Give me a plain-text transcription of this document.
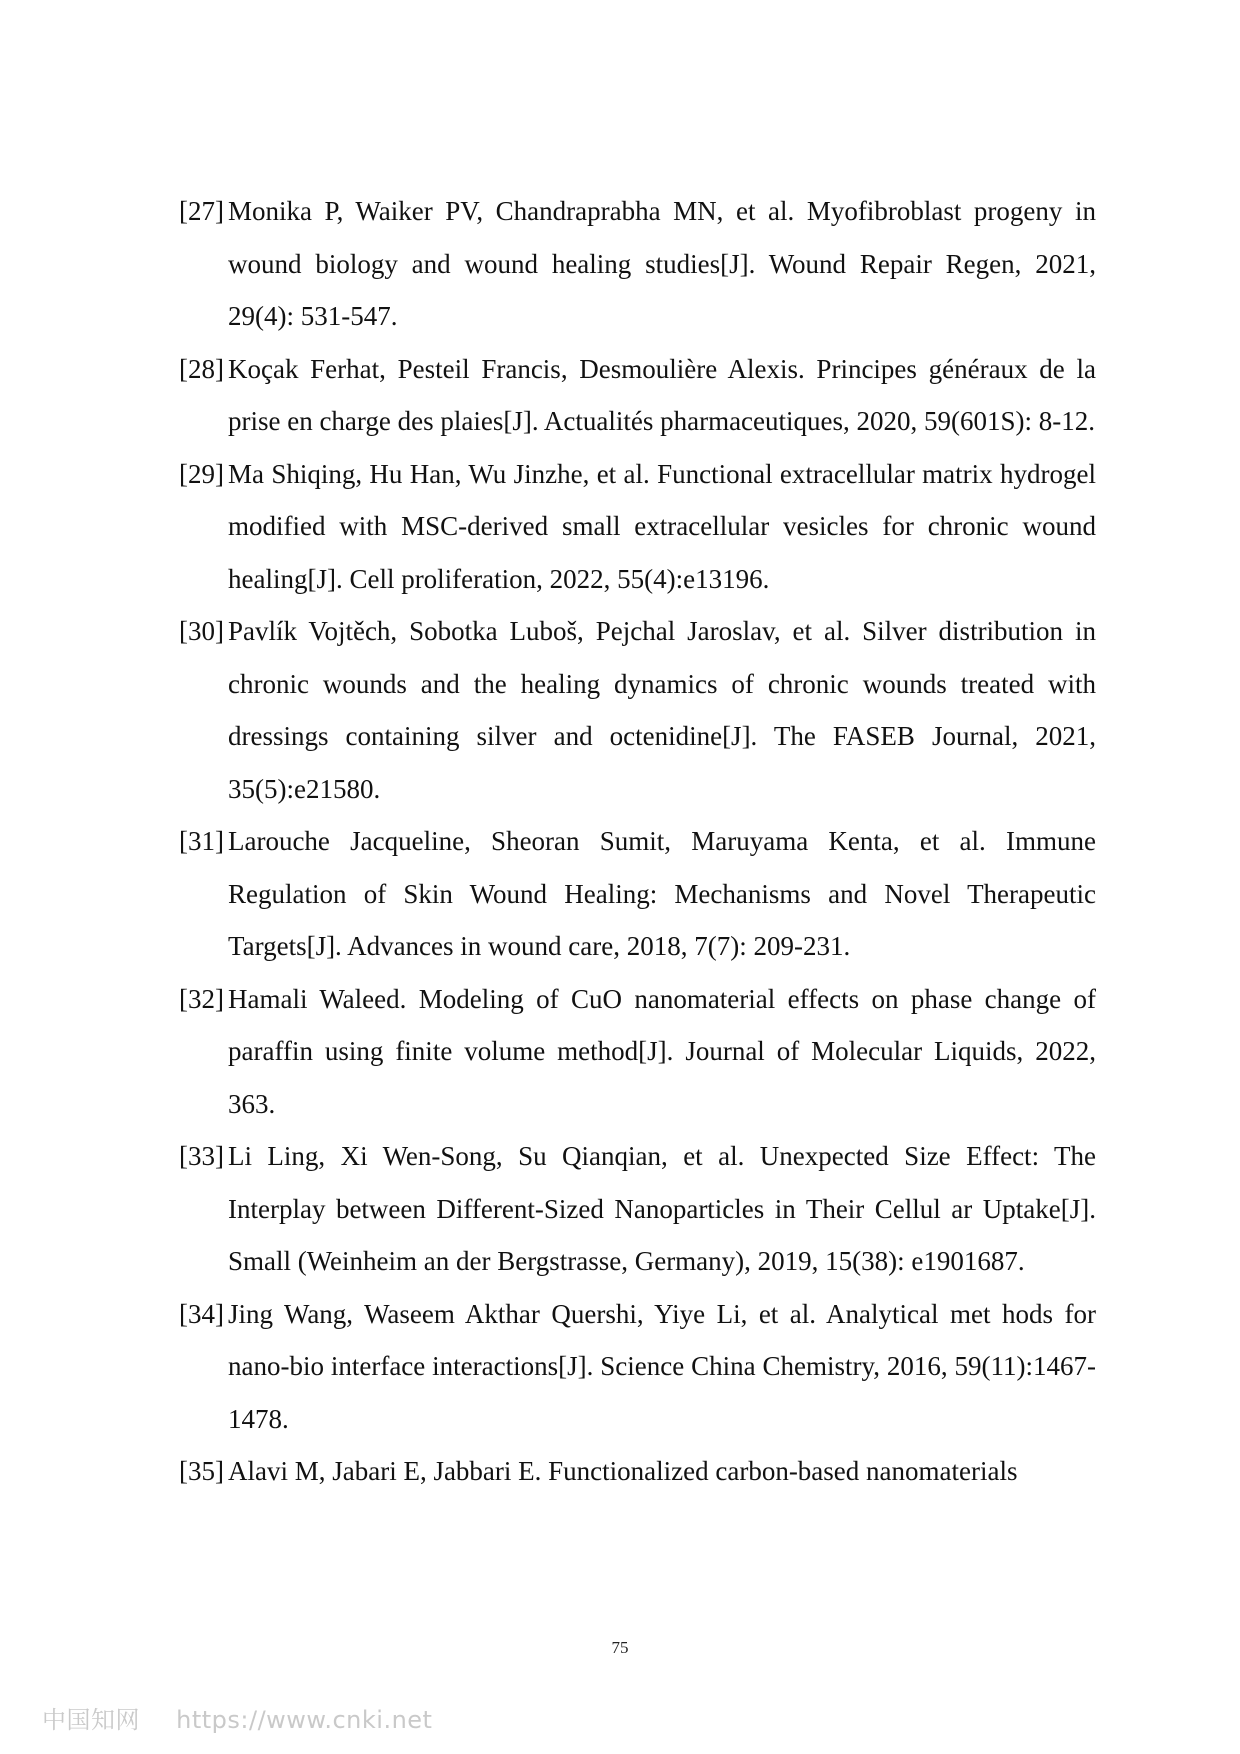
[27] Monika P, Waiker PV, Chandraprabha MN, et al. Myofibroblast progeny in wound biology and wound healing studies[J]. Wound Repair Regen, 2021, 29(4): 531-547.
[28] Koçak Ferhat, Pesteil Francis, Desmoulière Alexis. Principes généraux de la prise en charge des plaies[J]. Actualités pharmaceutiques, 2020, 59(601S): 8-12.
[29] Ma Shiqing, Hu Han, Wu Jinzhe, et al. Functional extracellular matrix hydrogel modified with MSC-derived small extracellular vesicles for chronic wound healing[J]. Cell proliferation, 2022, 55(4):e13196.
[30] Pavlík Vojtěch, Sobotka Luboš, Pejchal Jaroslav, et al. Silver distribution in chronic wounds and the healing dynamics of chronic wounds treated with dressings containing silver and octenidine[J]. The FASEB Journal, 2021, 35(5):e21580.
[31] Larouche Jacqueline, Sheoran Sumit, Maruyama Kenta, et al. Immune Regulation of Skin Wound Healing: Mechanisms and Novel Therapeutic Targets[J]. Advances in wound care, 2018, 7(7): 209-231.
[32] Hamali Waleed. Modeling of CuO nanomaterial effects on phase change of paraffin using finite volume method[J]. Journal of Molecular Liquids, 2022, 363.
[33] Li Ling, Xi Wen-Song, Su Qianqian, et al. Unexpected Size Effect: The Interplay between Different-Sized Nanoparticles in Their Cellul ar Uptake[J]. Small (Weinheim an der Bergstrasse, Germany), 2019, 15(38): e1901687.
[34] Jing Wang, Waseem Akthar Quershi, Yiye Li, et al. Analytical met hods for nano-bio interface interactions[J]. Science China Chemistry, 2016, 59(11):1467-1478.
[35] Alavi M, Jabari E, Jabbari E. Functionalized carbon-based nanomaterials
75
中国知网 https://www.cnki.net
